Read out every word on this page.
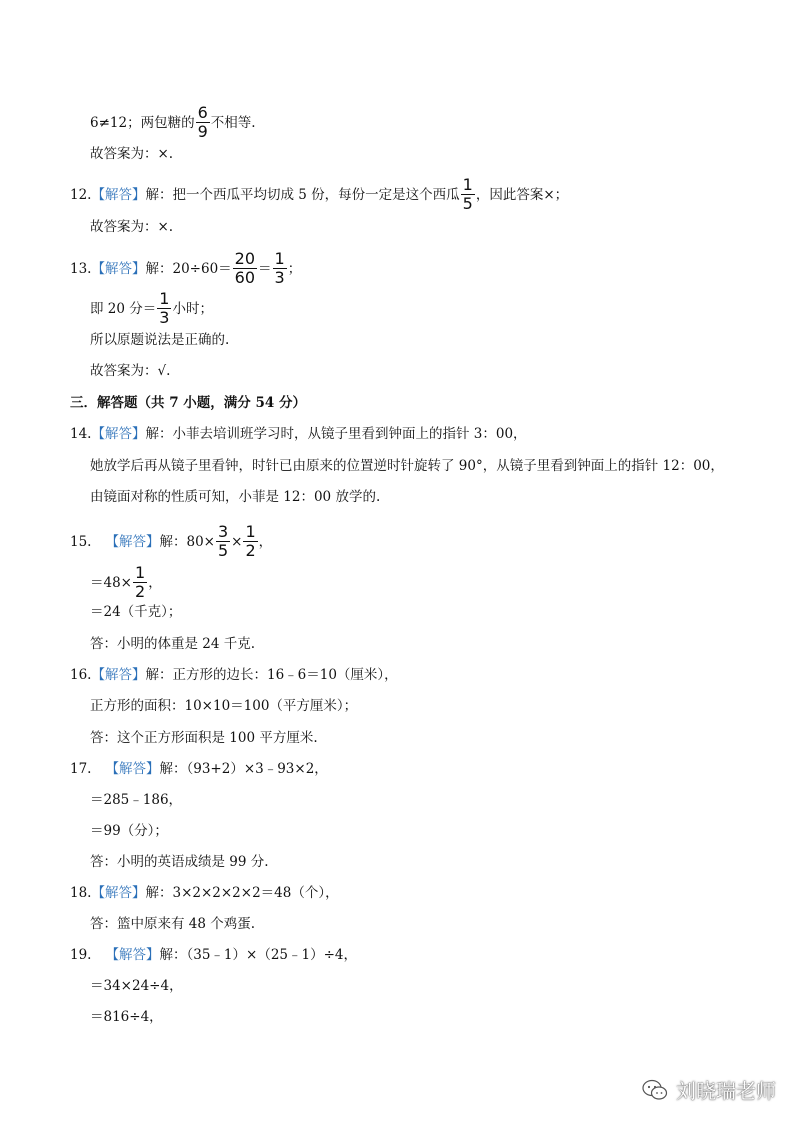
6≠12；两包糖的 $\frac{6}{9}$ 不相等.
故答案为：×.
12. 【解答】 解：把一个西瓜平均切成 5 份，每份一定是这个西瓜 $\frac{1}{5}$ ，因此答案×；
故答案为：×.
13. 【解答】 解：$20\div 60= \frac{20}{60} = \frac{1}{3}$ ；
即 20 分＝ $\frac{1}{3}$ 小时；
所以原题说法是正确的.
故答案为：√.
三．解答题（共 7 小题，满分 54 分）
14. 【解答】 解：小菲去培训班学习时，从镜子里看到钟面上的指针 3：00，
她放学后再从镜子里看钟，时针已由原来的位置逆时针旋转了 90°，从镜子里看到钟面上的指针 12：00，
由镜面对称的性质可知，小菲是 12：00 放学的.
15. 【解答】 解：$80\times \frac{3}{5} \times \frac{1}{2}$ ，
$=48\times \frac{1}{2}$ ，
＝24（千克）；
答：小明的体重是 24 千克.
16. 【解答】 解：正方形的边长：16﹣6＝10（厘米），
正方形的面积：10×10＝100（平方厘米）；
答：这个正方形面积是 100 平方厘米.
17. 【解答】 解：（93+2）×3﹣93×2，
＝285﹣186，
＝99（分）；
答：小明的英语成绩是 99 分.
18. 【解答】 解：3×2×2×2×2＝48（个），
答：篮中原来有 48 个鸡蛋.
19. 【解答】 解：（35﹣1）×（25﹣1）÷4，
＝34×24÷4，
＝816÷4，
刘晓瑞老师
